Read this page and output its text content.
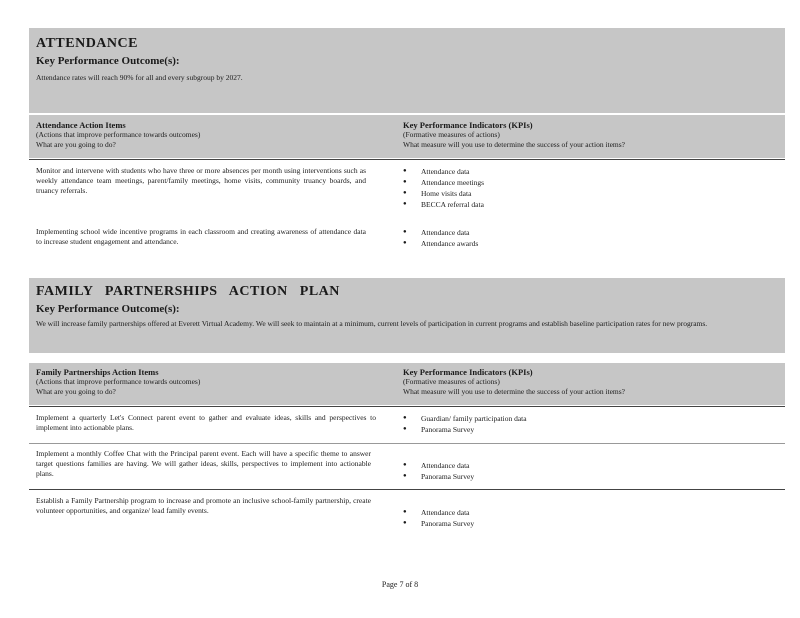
ATTENDANCE
Key Performance Outcome(s):
Attendance rates will reach 90% for all and every subgroup by 2027.
Attendance Action Items
(Actions that improve performance towards outcomes)
What are you going to do?
Key Performance Indicators (KPIs)
(Formative measures of actions)
What measure will you use to determine the success of your action items?
Monitor and intervene with students who have three or more absences per month using interventions such as weekly attendance team meetings, parent/family meetings, home visits, community truancy boards, and truancy referrals.
● Attendance data
● Attendance meetings
● Home visits data
● BECCA referral data
Implementing school wide incentive programs in each classroom and creating awareness of attendance data to increase student engagement and attendance.
● Attendance data
● Attendance awards
FAMILY PARTNERSHIPS ACTION PLAN
Key Performance Outcome(s):
We will increase family partnerships offered at Everett Virtual Academy. We will seek to maintain at a minimum, current levels of participation in current programs and establish baseline participation rates for new programs.
Family Partnerships Action Items
(Actions that improve performance towards outcomes)
What are you going to do?
Key Performance Indicators (KPIs)
(Formative measures of actions)
What measure will you use to determine the success of your action items?
Implement a quarterly Let's Connect parent event to gather and evaluate ideas, skills and perspectives to implement into actionable plans.
● Guardian/ family participation data
● Panorama Survey
Implement a monthly Coffee Chat with the Principal parent event. Each will have a specific theme to answer target questions families are having. We will gather ideas, skills, perspectives to implement into actionable plans.
● Attendance data
● Panorama Survey
Establish a Family Partnership program to increase and promote an inclusive school-family partnership, create volunteer opportunities, and organize/ lead family events.
●	Attendance data
● Panorama Survey
Page 7 of 8
